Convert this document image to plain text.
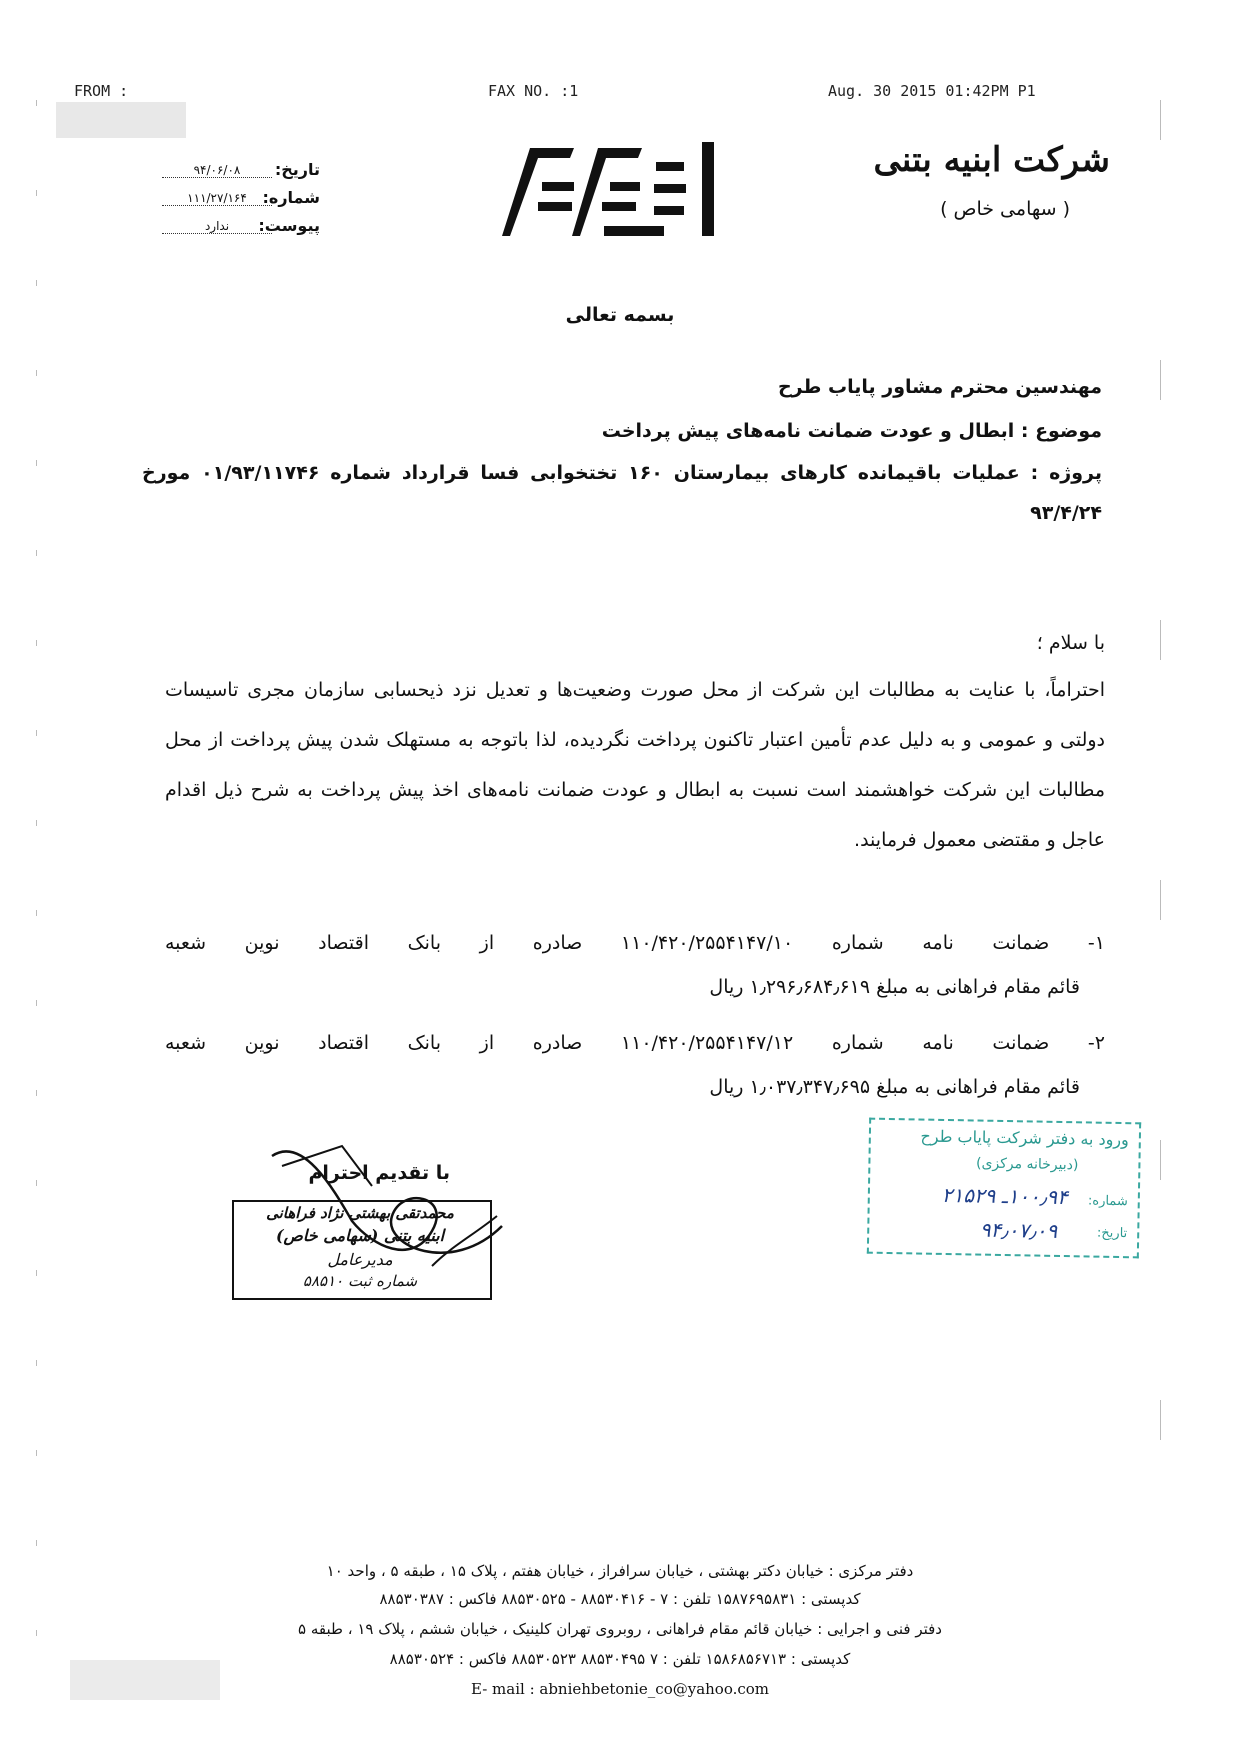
FROM :	FAX NO. :1	Aug. 30 2015 01:42PM P1
تاریخ:
۹۴/۰۶/۰۸
شماره:
۱۱۱/۲۷/۱۶۴
پیوست:
ندارد
شرکت ابنیه بتنی
( سهامی خاص )
بسمه تعالی
مهندسین محترم مشاور پایاب طرح
موضوع : ابطال و عودت ضمانت نامه‌های پیش پرداخت
پروژه : عملیات باقیمانده کارهای بیمارستان ۱۶۰ تختخوابی فسا قرارداد شماره ۰۱/۹۳/۱۱۷۴۶ مورخ
۹۳/۴/۲۴
با سلام ؛
احتراماً، با عنایت به مطالبات این شرکت از محل صورت وضعیت‌ها و تعدیل نزد ذیحسابی سازمان مجری تاسیسات دولتی و عمومی و به دلیل عدم تأمین اعتبار تاکنون پرداخت نگردیده، لذا باتوجه به مستهلک شدن پیش پرداخت از محل مطالبات این شرکت خواهشمند است نسبت به ابطال و عودت ضمانت نامه‌های اخذ پیش پرداخت به شرح ذیل اقدام عاجل و مقتضی معمول فرمایند.
۱- ضمانت نامه شماره ۱۱۰/۴۲۰/۲۵۵۴۱۴۷/۱۰ صادره از بانک اقتصاد نوین شعبه
قائم مقام فراهانی به مبلغ ۱٫۲۹۶٫۶۸۴٫۶۱۹ ریال
۲- ضمانت نامه شماره ۱۱۰/۴۲۰/۲۵۵۴۱۴۷/۱۲ صادره از بانک اقتصاد نوین شعبه
قائم مقام فراهانی به مبلغ ۱٫۰۳۷٫۳۴۷٫۶۹۵ ریال
با تقدیم احترام
محمدتقی بهشتی نژاد فراهانی
ابنیه بتنی (سهامی خاص)
مدیرعامل
شماره ثبت ۵۸۵۱۰
ورود به دفتر شرکت پایاب طرح
(دبیرخانه مرکزی)
شماره:
۱۰۰٫۹۴ـ ۲۱۵۲۹
تاریخ:
۹۴٫۰۷٫۰۹
دفتر مرکزی : خیابان دکتر بهشتی ، خیابان سرافراز ، خیابان هفتم ، پلاک ۱۵ ، طبقه ۵ ، واحد ۱۰
کدپستی : ۱۵۸۷۶۹۵۸۳۱ تلفن : ۷ - ۸۸۵۳۰۴۱۶ - ۸۸۵۳۰۵۲۵ فاکس : ۸۸۵۳۰۳۸۷
دفتر فنی و اجرایی : خیابان قائم مقام فراهانی ، روبروی تهران کلینیک ، خیابان ششم ، پلاک ۱۹ ، طبقه ۵
کدپستی : ۱۵۸۶۸۵۶۷۱۳ تلفن : ۷ ۸۸۵۳۰۴۹۵ ۸۸۵۳۰۵۲۳ فاکس : ۸۸۵۳۰۵۲۴
E- mail : abniehbetonie_co@yahoo.com
